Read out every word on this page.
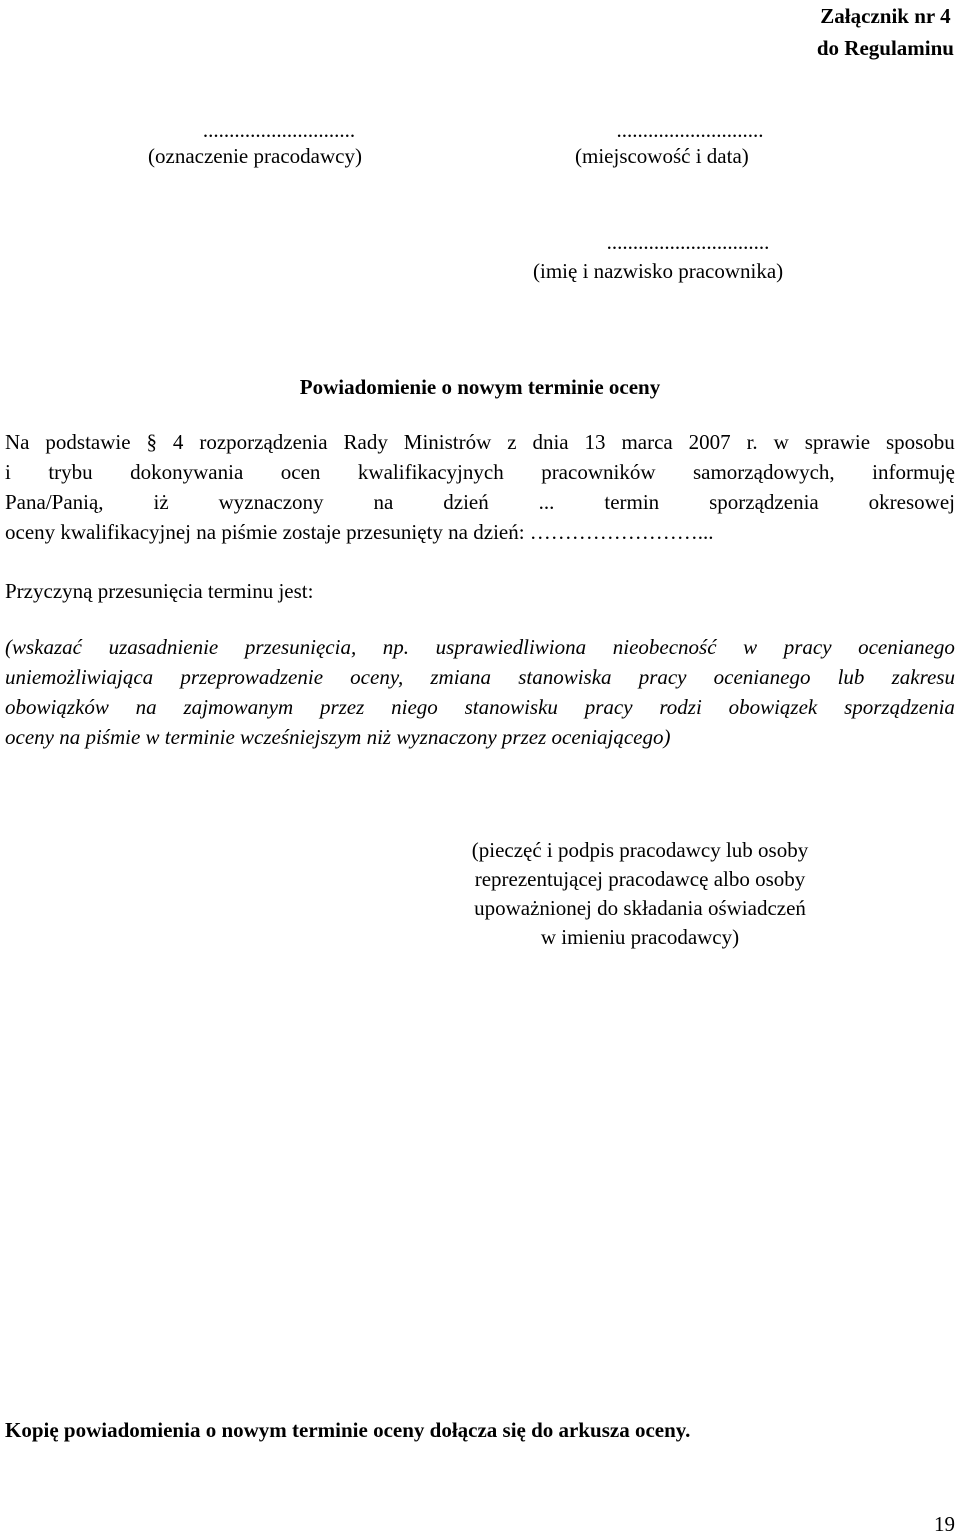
Załącznik nr 4
do Regulaminu
.............................
(oznaczenie pracodawcy)
............................
(miejscowość i data)
...............................
(imię i nazwisko pracownika)
Powiadomienie o nowym terminie oceny
Na podstawie § 4 rozporządzenia Rady Ministrów z dnia 13 marca 2007 r. w sprawie sposobu
i trybu dokonywania ocen kwalifikacyjnych pracowników samorządowych, informuję
Pana/Panią, iż wyznaczony na dzień ... termin sporządzenia okresowej
oceny kwalifikacyjnej na piśmie zostaje przesunięty na dzień: ……………………...
Przyczyną przesunięcia terminu jest:
(wskazać uzasadnienie przesunięcia, np. usprawiedliwiona nieobecność w pracy ocenianego
uniemożliwiająca przeprowadzenie oceny, zmiana stanowiska pracy ocenianego lub zakresu
obowiązków na zajmowanym przez niego stanowisku pracy rodzi obowiązek sporządzenia
oceny na piśmie w terminie wcześniejszym niż wyznaczony przez oceniającego)
(pieczęć i podpis pracodawcy lub osoby
reprezentującej pracodawcę albo osoby
upoważnionej do składania oświadczeń
w imieniu pracodawcy)
Kopię powiadomienia o nowym terminie oceny dołącza się do arkusza oceny.
19
